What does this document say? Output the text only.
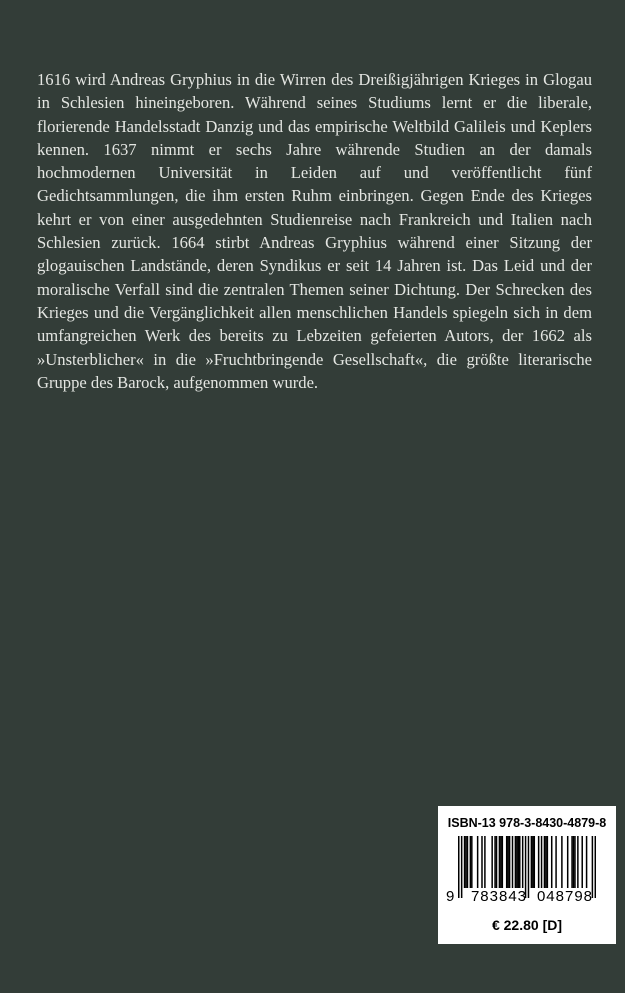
1616 wird Andreas Gryphius in die Wirren des Dreißigjährigen Krieges in Glogau in Schlesien hineingeboren. Während seines Studiums lernt er die liberale, florierende Handelsstadt Danzig und das empirische Weltbild Galileis und Keplers kennen. 1637 nimmt er sechs Jahre währende Studien an der damals hochmodernen Universität in Leiden auf und veröffentlicht fünf Gedichtsammlungen, die ihm ersten Ruhm einbringen. Gegen Ende des Krieges kehrt er von einer ausgedehnten Studienreise nach Frankreich und Italien nach Schlesien zurück. 1664 stirbt Andreas Gryphius während einer Sitzung der glogauischen Landstände, deren Syndikus er seit 14 Jahren ist. Das Leid und der moralische Verfall sind die zentralen Themen seiner Dichtung. Der Schrecken des Krieges und die Vergänglichkeit allen menschlichen Handels spiegeln sich in dem umfangreichen Werk des bereits zu Lebzeiten gefeierten Autors, der 1662 als »Unsterblicher« in die »Fruchtbringende Gesellschaft«, die größte literarische Gruppe des Barock, aufgenommen wurde.

ISBN-13 978-3-8430-4879-8
9	783843 048798
€ 22.80 [D]
